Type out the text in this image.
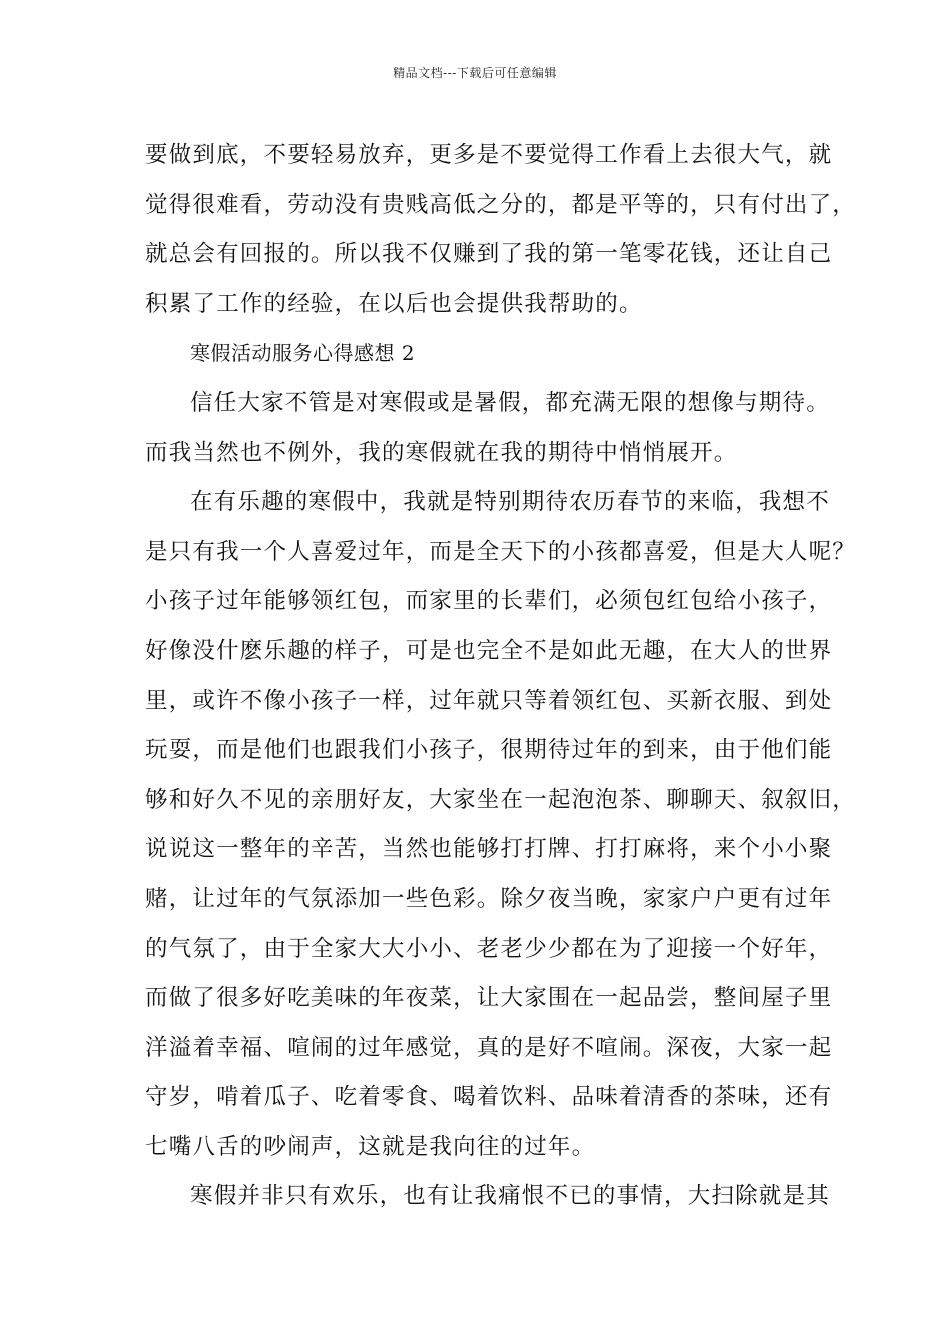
精品文档---下载后可任意编辑
要做到底，不要轻易放弃，更多是不要觉得工作看上去很大气，就
觉得很难看，劳动没有贵贱高低之分的，都是平等的，只有付出了，
就总会有回报的。所以我不仅赚到了我的第一笔零花钱，还让自己
积累了工作的经验，在以后也会提供我帮助的。
寒假活动服务心得感想 2
信任大家不管是对寒假或是暑假，都充满无限的想像与期待。
而我当然也不例外，我的寒假就在我的期待中悄悄展开。
在有乐趣的寒假中，我就是特别期待农历春节的来临，我想不
是只有我一个人喜爱过年，而是全天下的小孩都喜爱，但是大人呢？
小孩子过年能够领红包，而家里的长辈们，必须包红包给小孩子，
好像没什麽乐趣的样子，可是也完全不是如此无趣，在大人的世界
里，或许不像小孩子一样，过年就只等着领红包、买新衣服、到处
玩耍，而是他们也跟我们小孩子，很期待过年的到来，由于他们能
够和好久不见的亲朋好友，大家坐在一起泡泡茶、聊聊天、叙叙旧，
说说这一整年的辛苦，当然也能够打打牌、打打麻将，来个小小聚
赌，让过年的气氛添加一些色彩。除夕夜当晚，家家户户更有过年
的气氛了，由于全家大大小小、老老少少都在为了迎接一个好年，
而做了很多好吃美味的年夜菜，让大家围在一起品尝，整间屋子里
洋溢着幸福、喧闹的过年感觉，真的是好不喧闹。深夜，大家一起
守岁，啃着瓜子、吃着零食、喝着饮料、品味着清香的茶味，还有
七嘴八舌的吵闹声，这就是我向往的过年。
寒假并非只有欢乐，也有让我痛恨不已的事情，大扫除就是其
